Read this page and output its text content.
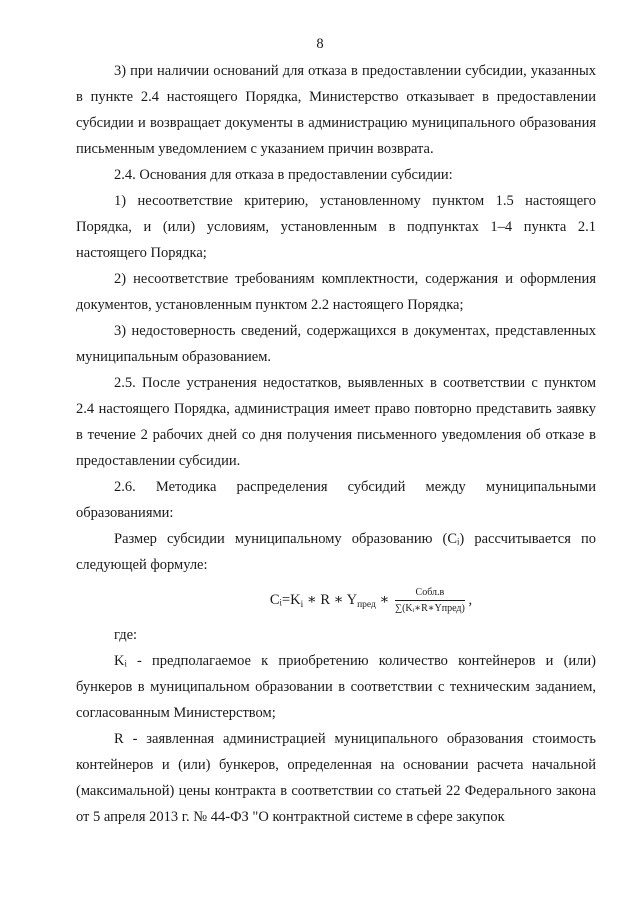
8

3) при наличии оснований для отказа в предоставлении субсидии, указанных в пункте 2.4 настоящего Порядка, Министерство отказывает в предоставлении субсидии и возвращает документы в администрацию муниципального образования письменным уведомлением с указанием причин возврата.

2.4. Основания для отказа в предоставлении субсидии:

1) несоответствие критерию, установленному пунктом 1.5 настоящего Порядка, и (или) условиям, установленным в подпунктах 1–4 пункта 2.1 настоящего Порядка;

2) несоответствие требованиям комплектности, содержания и оформления документов, установленным пунктом 2.2 настоящего Порядка;

3) недостоверность сведений, содержащихся в документах, представленных муниципальным образованием.

2.5. После устранения недостатков, выявленных в соответствии с пунктом 2.4 настоящего Порядка, администрация имеет право повторно представить заявку в течение 2 рабочих дней со дня получения письменного уведомления об отказе в предоставлении субсидии.

2.6. Методика распределения субсидий между муниципальными образованиями:

Размер субсидии муниципальному образованию (Сᵢ) рассчитывается по следующей формуле:

$Сᵢ=K_i$ ∗ R ∗ $Y_{пред}$ ∗ $\frac{\text{Собл.в}}{\text{∑(Kᵢ∗R∗Yпред)}}$ ,

где:

Kᵢ - предполагаемое к приобретению количество контейнеров и (или) бункеров в муниципальном образовании в соответствии с техническим заданием, согласованным Министерством;

R - заявленная администрацией муниципального образования стоимость контейнеров и (или) бункеров, определенная на основании расчета начальной (максимальной) цены контракта в соответствии со статьей 22 Федерального закона от 5 апреля 2013 г. № 44-ФЗ "О контрактной системе в сфере закупок
